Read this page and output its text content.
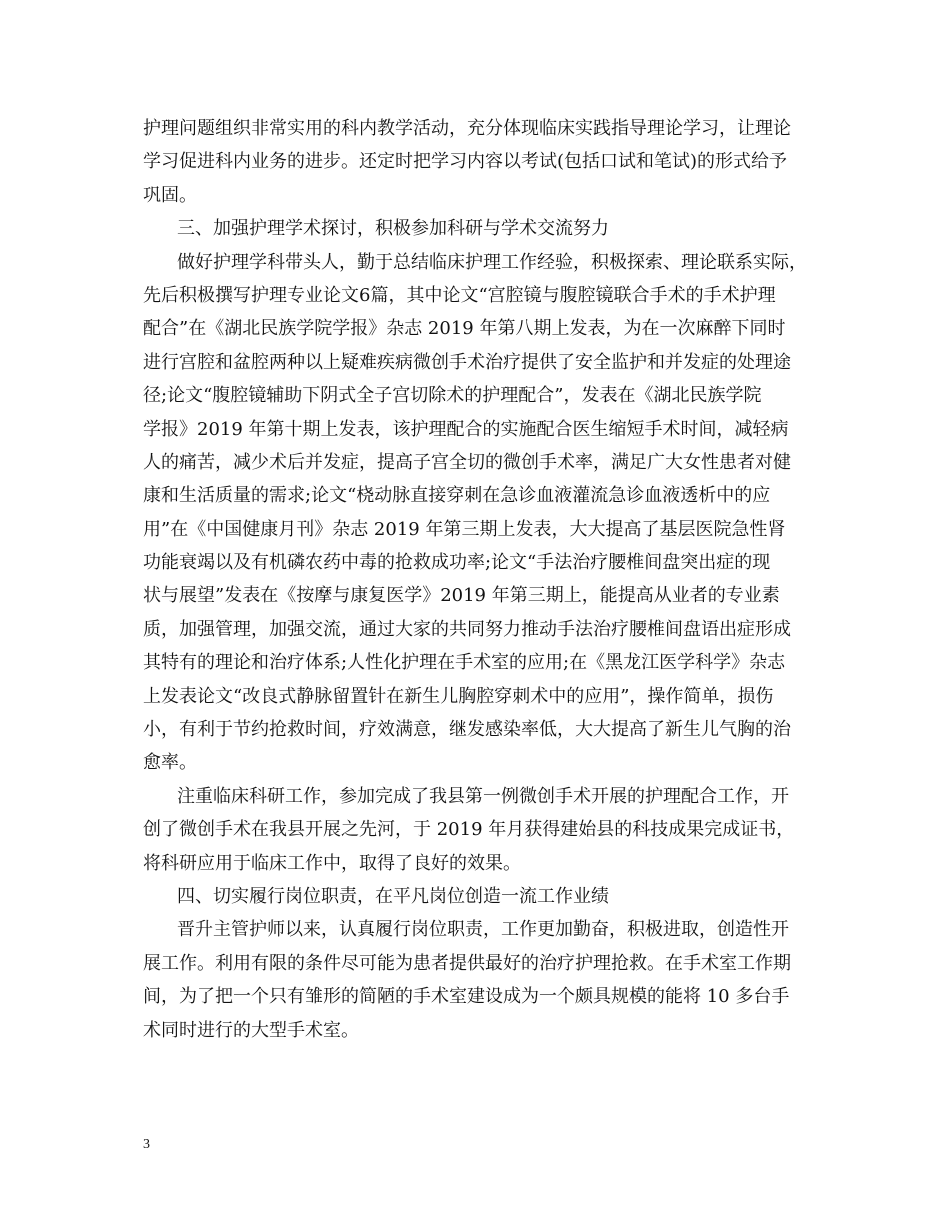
护理问题组织非常实用的科内教学活动，充分体现临床实践指导理论学习，让理论
学习促进科内业务的进步。还定时把学习内容以考试(包括口试和笔试)的形式给予
巩固。
三、加强护理学术探讨，积极参加科研与学术交流努力
做好护理学科带头人，勤于总结临床护理工作经验，积极探索、理论联系实际，
先后积极撰写护理专业论文6篇，其中论文“宫腔镜与腹腔镜联合手术的手术护理
配合”在《湖北民族学院学报》杂志 2019 年第八期上发表，为在一次麻醉下同时
进行宫腔和盆腔两种以上疑难疾病微创手术治疗提供了安全监护和并发症的处理途
径;论文“腹腔镜辅助下阴式全子宫切除术的护理配合”，发表在《湖北民族学院
学报》2019 年第十期上发表，该护理配合的实施配合医生缩短手术时间，减轻病
人的痛苦，减少术后并发症，提高子宫全切的微创手术率，满足广大女性患者对健
康和生活质量的需求;论文“桡动脉直接穿刺在急诊血液灌流急诊血液透析中的应
用”在《中国健康月刊》杂志 2019 年第三期上发表，大大提高了基层医院急性肾
功能衰竭以及有机磷农药中毒的抢救成功率;论文“手法治疗腰椎间盘突出症的现
状与展望”发表在《按摩与康复医学》2019 年第三期上，能提高从业者的专业素
质，加强管理，加强交流，通过大家的共同努力推动手法治疗腰椎间盘语出症形成
其特有的理论和治疗体系;人性化护理在手术室的应用;在《黑龙江医学科学》杂志
上发表论文“改良式静脉留置针在新生儿胸腔穿刺术中的应用”，操作简单，损伤
小，有利于节约抢救时间，疗效满意，继发感染率低，大大提高了新生儿气胸的治
愈率。
注重临床科研工作，参加完成了我县第一例微创手术开展的护理配合工作，开
创了微创手术在我县开展之先河，于 2019 年月获得建始县的科技成果完成证书，
将科研应用于临床工作中，取得了良好的效果。
四、切实履行岗位职责，在平凡岗位创造一流工作业绩
晋升主管护师以来，认真履行岗位职责，工作更加勤奋，积极进取，创造性开
展工作。利用有限的条件尽可能为患者提供最好的治疗护理抢救。在手术室工作期
间，为了把一个只有雏形的简陋的手术室建设成为一个颇具规模的能将 10 多台手
术同时进行的大型手术室。
3
